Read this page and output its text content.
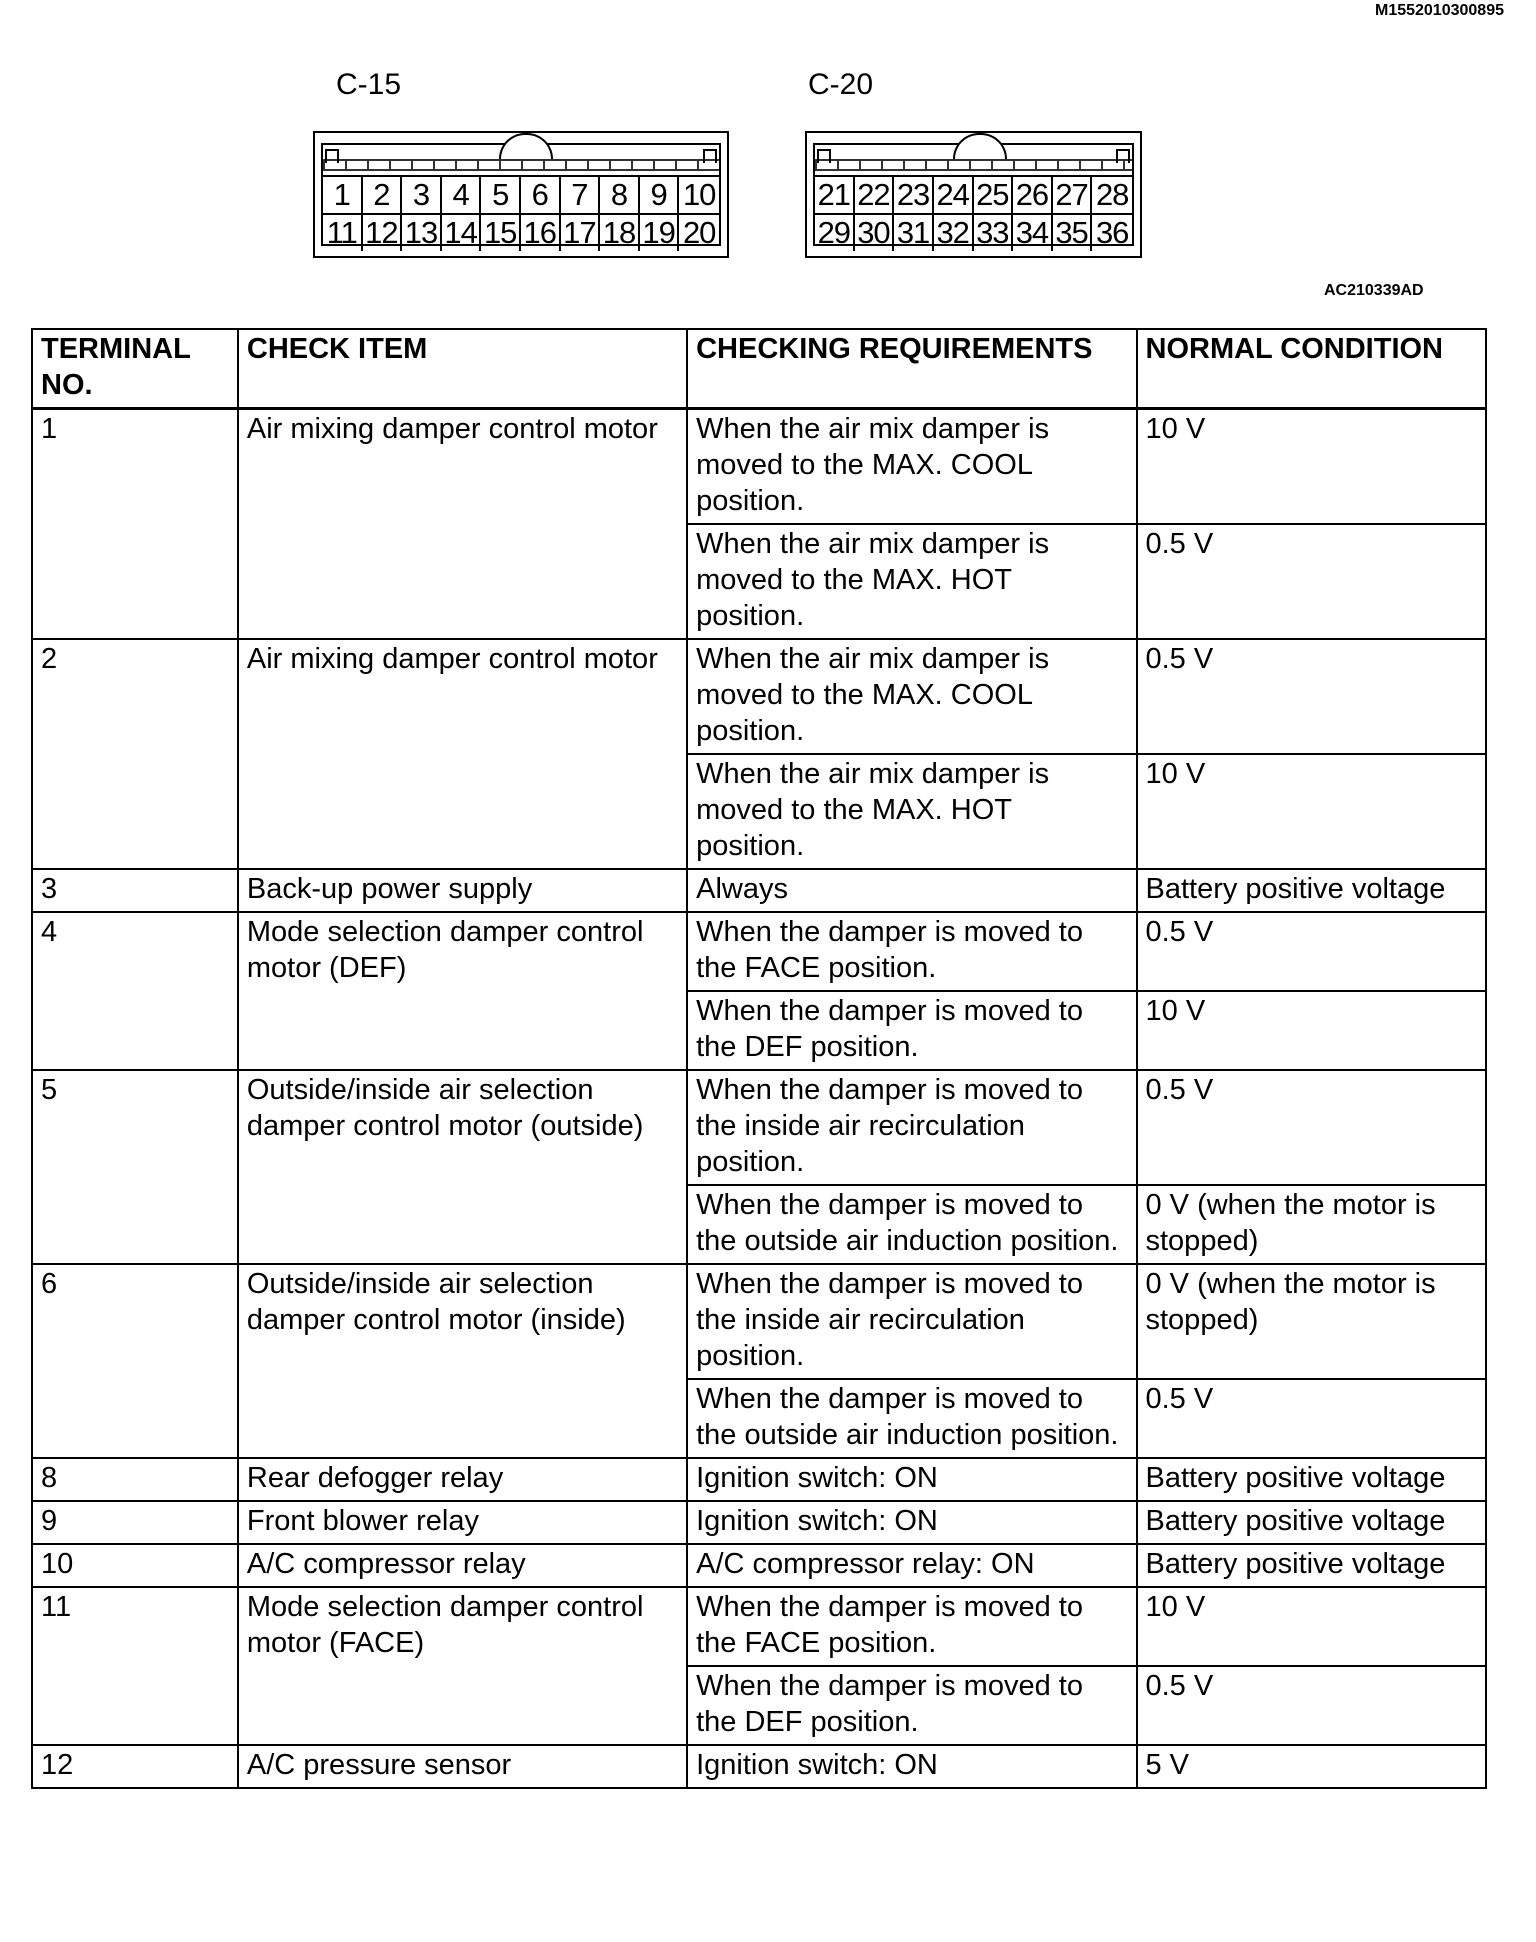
M1552010300895
C-15	C-20
1 2 3 4 5 6 7 8 9 10
11 12 13 14 15 16 17 18 19 20
21 22 23 24 25 26 27 28
29 30 31 32 33 34 35 36
AC210339AD
TERMINAL NO.	CHECK ITEM	CHECKING REQUIREMENTS	NORMAL CONDITION
1	Air mixing damper control motor	When the air mix damper is moved to the MAX. COOL position.	10 V
		When the air mix damper is moved to the MAX. HOT position.	0.5 V
2	Air mixing damper control motor	When the air mix damper is moved to the MAX. COOL position.	0.5 V
		When the air mix damper is moved to the MAX. HOT position.	10 V
3	Back-up power supply	Always	Battery positive voltage
4	Mode selection damper control motor (DEF)	When the damper is moved to the FACE position.	0.5 V
		When the damper is moved to the DEF position.	10 V
5	Outside/inside air selection damper control motor (outside)	When the damper is moved to the inside air recirculation position.	0.5 V
		When the damper is moved to the outside air induction position.	0 V (when the motor is stopped)
6	Outside/inside air selection damper control motor (inside)	When the damper is moved to the inside air recirculation position.	0 V (when the motor is stopped)
		When the damper is moved to the outside air induction position.	0.5 V
8	Rear defogger relay	Ignition switch: ON	Battery positive voltage
9	Front blower relay	Ignition switch: ON	Battery positive voltage
10	A/C compressor relay	A/C compressor relay: ON	Battery positive voltage
11	Mode selection damper control motor (FACE)	When the damper is moved to the FACE position.	10 V
		When the damper is moved to the DEF position.	0.5 V
12	A/C pressure sensor	Ignition switch: ON	5 V
